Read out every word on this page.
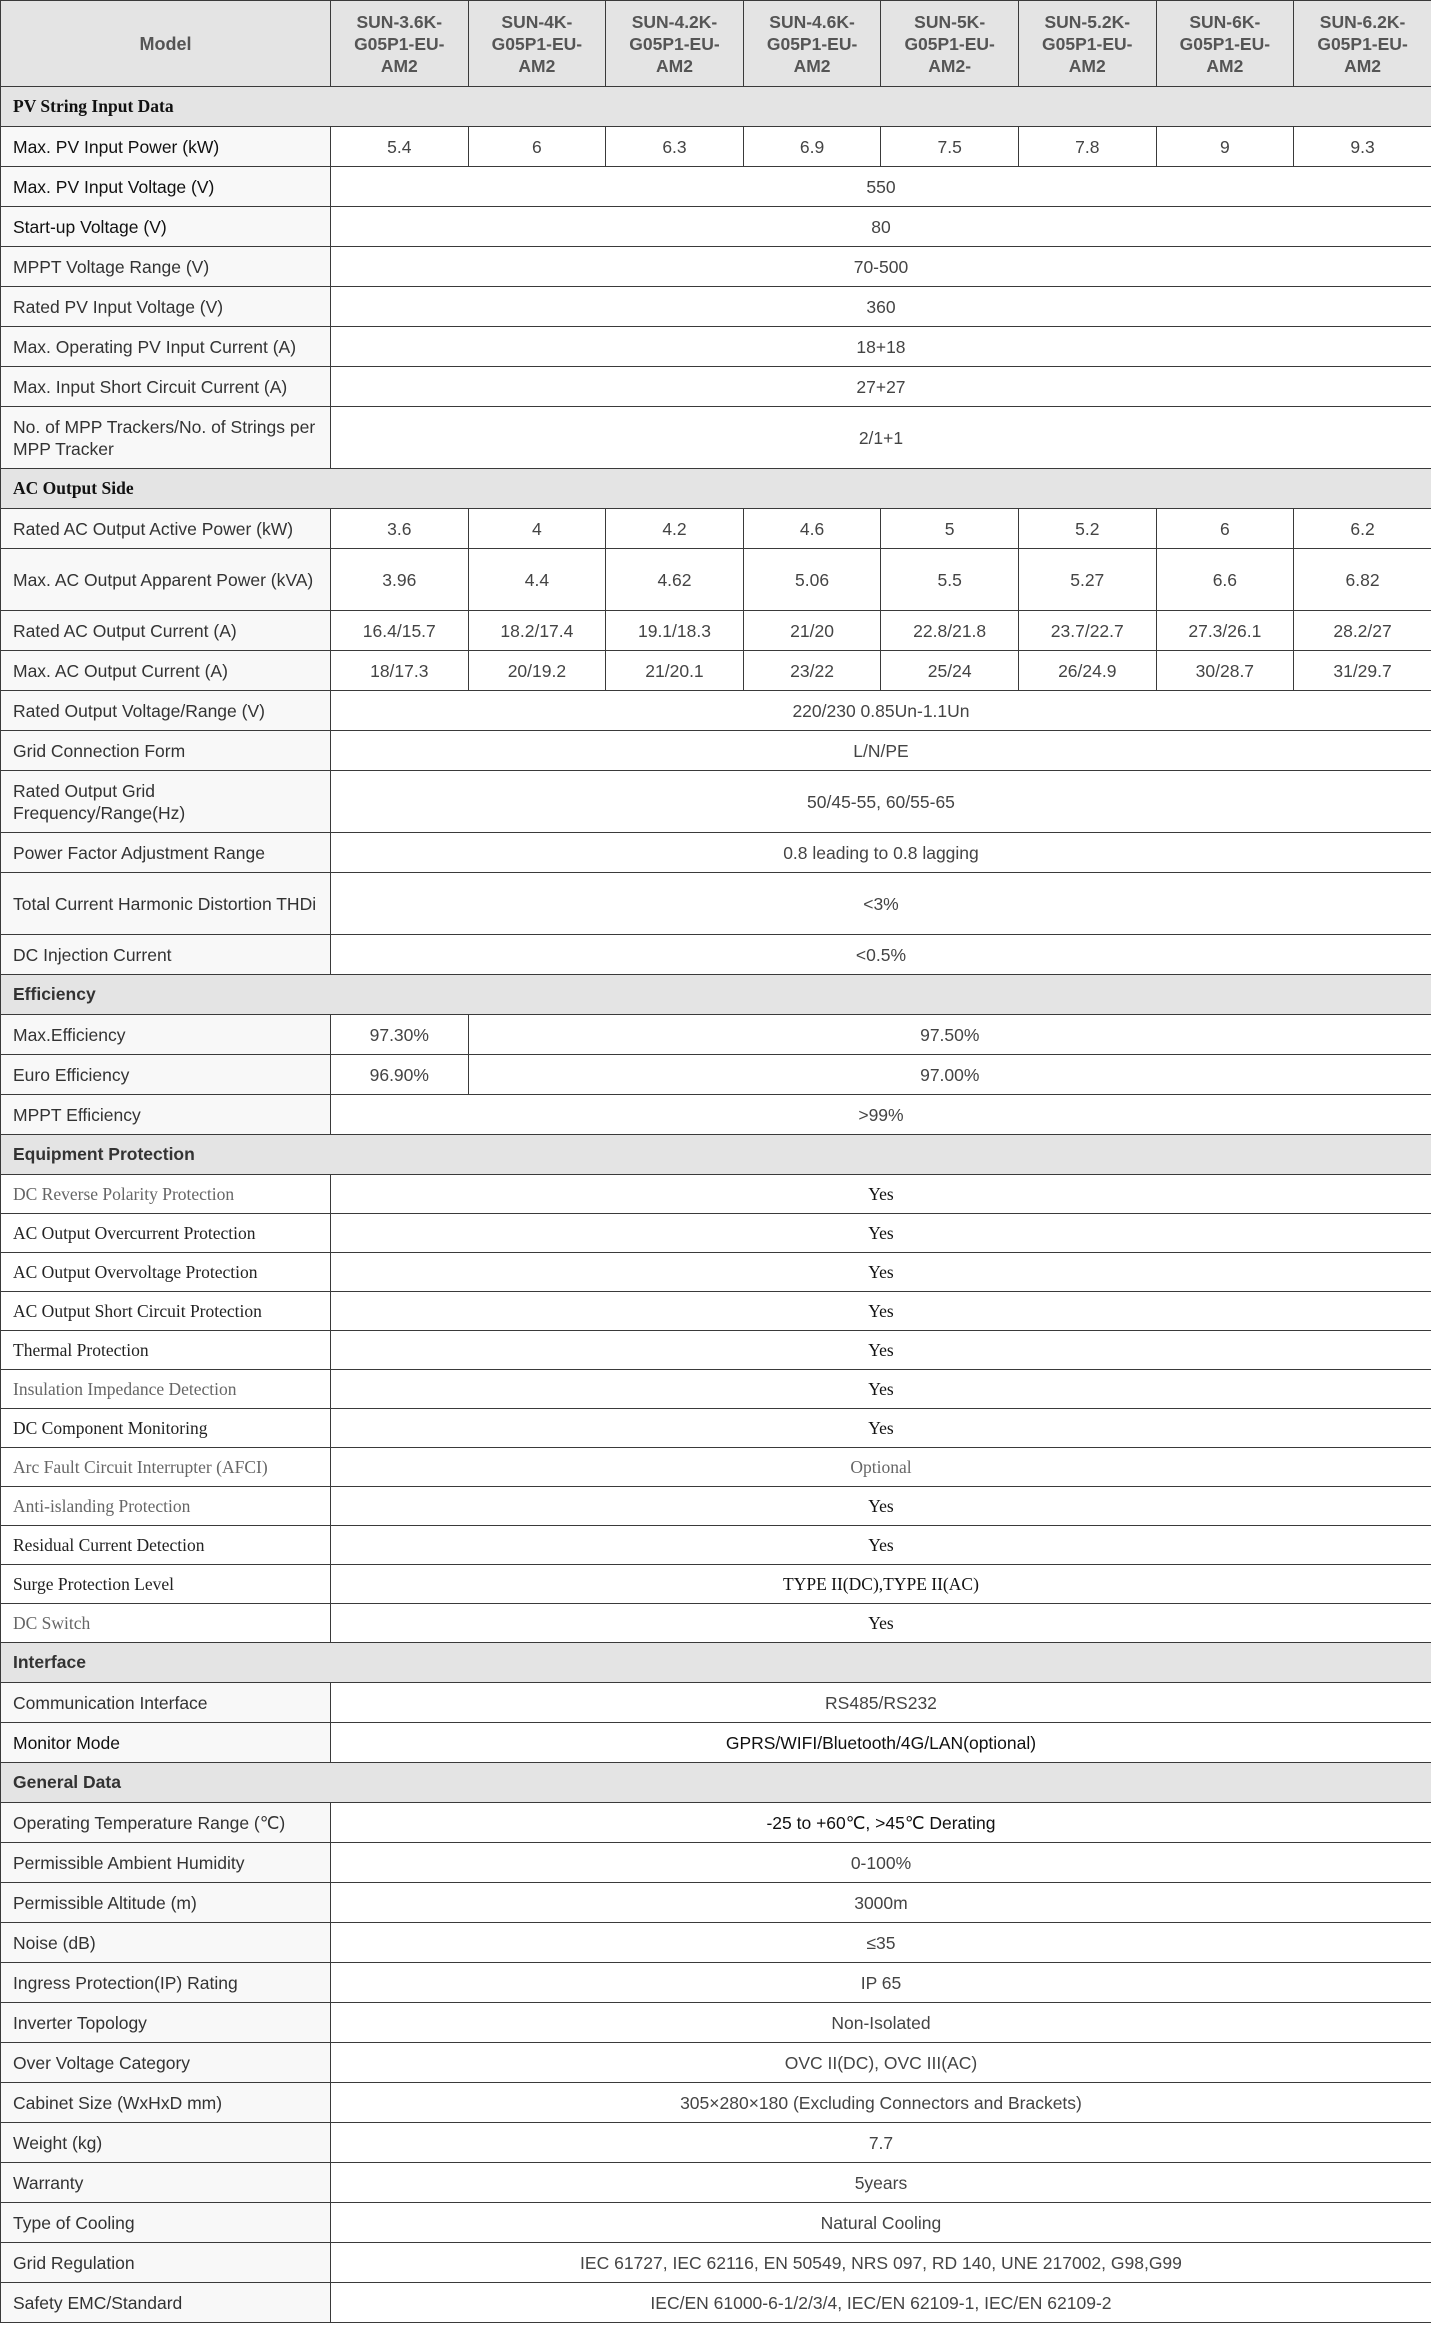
Model	SUN-3.6K-G05P1-EU-AM2	SUN-4K-G05P1-EU-AM2	SUN-4.2K-G05P1-EU-AM2	SUN-4.6K-G05P1-EU-AM2	SUN-5K-G05P1-EU-AM2-	SUN-5.2K-G05P1-EU-AM2	SUN-6K-G05P1-EU-AM2	SUN-6.2K-G05P1-EU-AM2
PV String Input Data								
Max. PV Input Power (kW)	5.4	6	6.3	6.9	7.5	7.8	9	9.3
Max. PV Input Voltage (V)	550							
Start-up Voltage (V)	80							
MPPT Voltage Range (V)	70-500							
Rated PV Input Voltage (V)	360							
Max. Operating PV Input Current (A)	18+18							
Max. Input Short Circuit Current (A)	27+27							
No. of MPP Trackers/No. of Strings per MPP Tracker	2/1+1							
AC Output Side								
Rated AC Output Active Power (kW)	3.6	4	4.2	4.6	5	5.2	6	6.2
Max. AC Output Apparent Power (kVA)	3.96	4.4	4.62	5.06	5.5	5.27	6.6	6.82
Rated AC Output Current (A)	16.4/15.7	18.2/17.4	19.1/18.3	21/20	22.8/21.8	23.7/22.7	27.3/26.1	28.2/27
Max. AC Output Current (A)	18/17.3	20/19.2	21/20.1	23/22	25/24	26/24.9	30/28.7	31/29.7
Rated Output Voltage/Range (V)	220/230 0.85Un-1.1Un							
Grid Connection Form	L/N/PE							
Rated Output Grid Frequency/Range(Hz)	50/45-55, 60/55-65							
Power Factor Adjustment Range	0.8 leading to 0.8 lagging							
Total Current Harmonic Distortion THDi	<3%							
DC Injection Current	<0.5%							
Efficiency								
Max.Efficiency	97.30%	97.50%						
Euro Efficiency	96.90%	97.00%						
MPPT Efficiency	>99%							
Equipment Protection								
DC Reverse Polarity Protection	Yes							
AC Output Overcurrent Protection	Yes							
AC Output Overvoltage Protection	Yes							
AC Output Short Circuit Protection	Yes							
Thermal Protection	Yes							
Insulation Impedance Detection	Yes							
DC Component Monitoring	Yes							
Arc Fault Circuit Interrupter (AFCI)	Optional							
Anti-islanding Protection	Yes							
Residual Current Detection	Yes							
Surge Protection Level	TYPE II(DC),TYPE II(AC)							
DC Switch	Yes							
Interface								
Communication Interface	RS485/RS232							
Monitor Mode	GPRS/WIFI/Bluetooth/4G/LAN(optional)							
General Data								
Operating Temperature Range (℃)	-25 to +60℃, >45℃ Derating							
Permissible Ambient Humidity	0-100%							
Permissible Altitude (m)	3000m							
Noise (dB)	≤35							
Ingress Protection(IP) Rating	IP 65							
Inverter Topology	Non-Isolated							
Over Voltage Category	OVC II(DC), OVC III(AC)							
Cabinet Size (WxHxD mm)	305×280×180 (Excluding Connectors and Brackets)							
Weight (kg)	7.7							
Warranty	5years							
Type of Cooling	Natural Cooling							
Grid Regulation	IEC 61727, IEC 62116, EN 50549, NRS 097, RD 140, UNE 217002, G98,G99							
Safety EMC/Standard	IEC/EN 61000-6-1/2/3/4, IEC/EN 62109-1, IEC/EN 62109-2							
